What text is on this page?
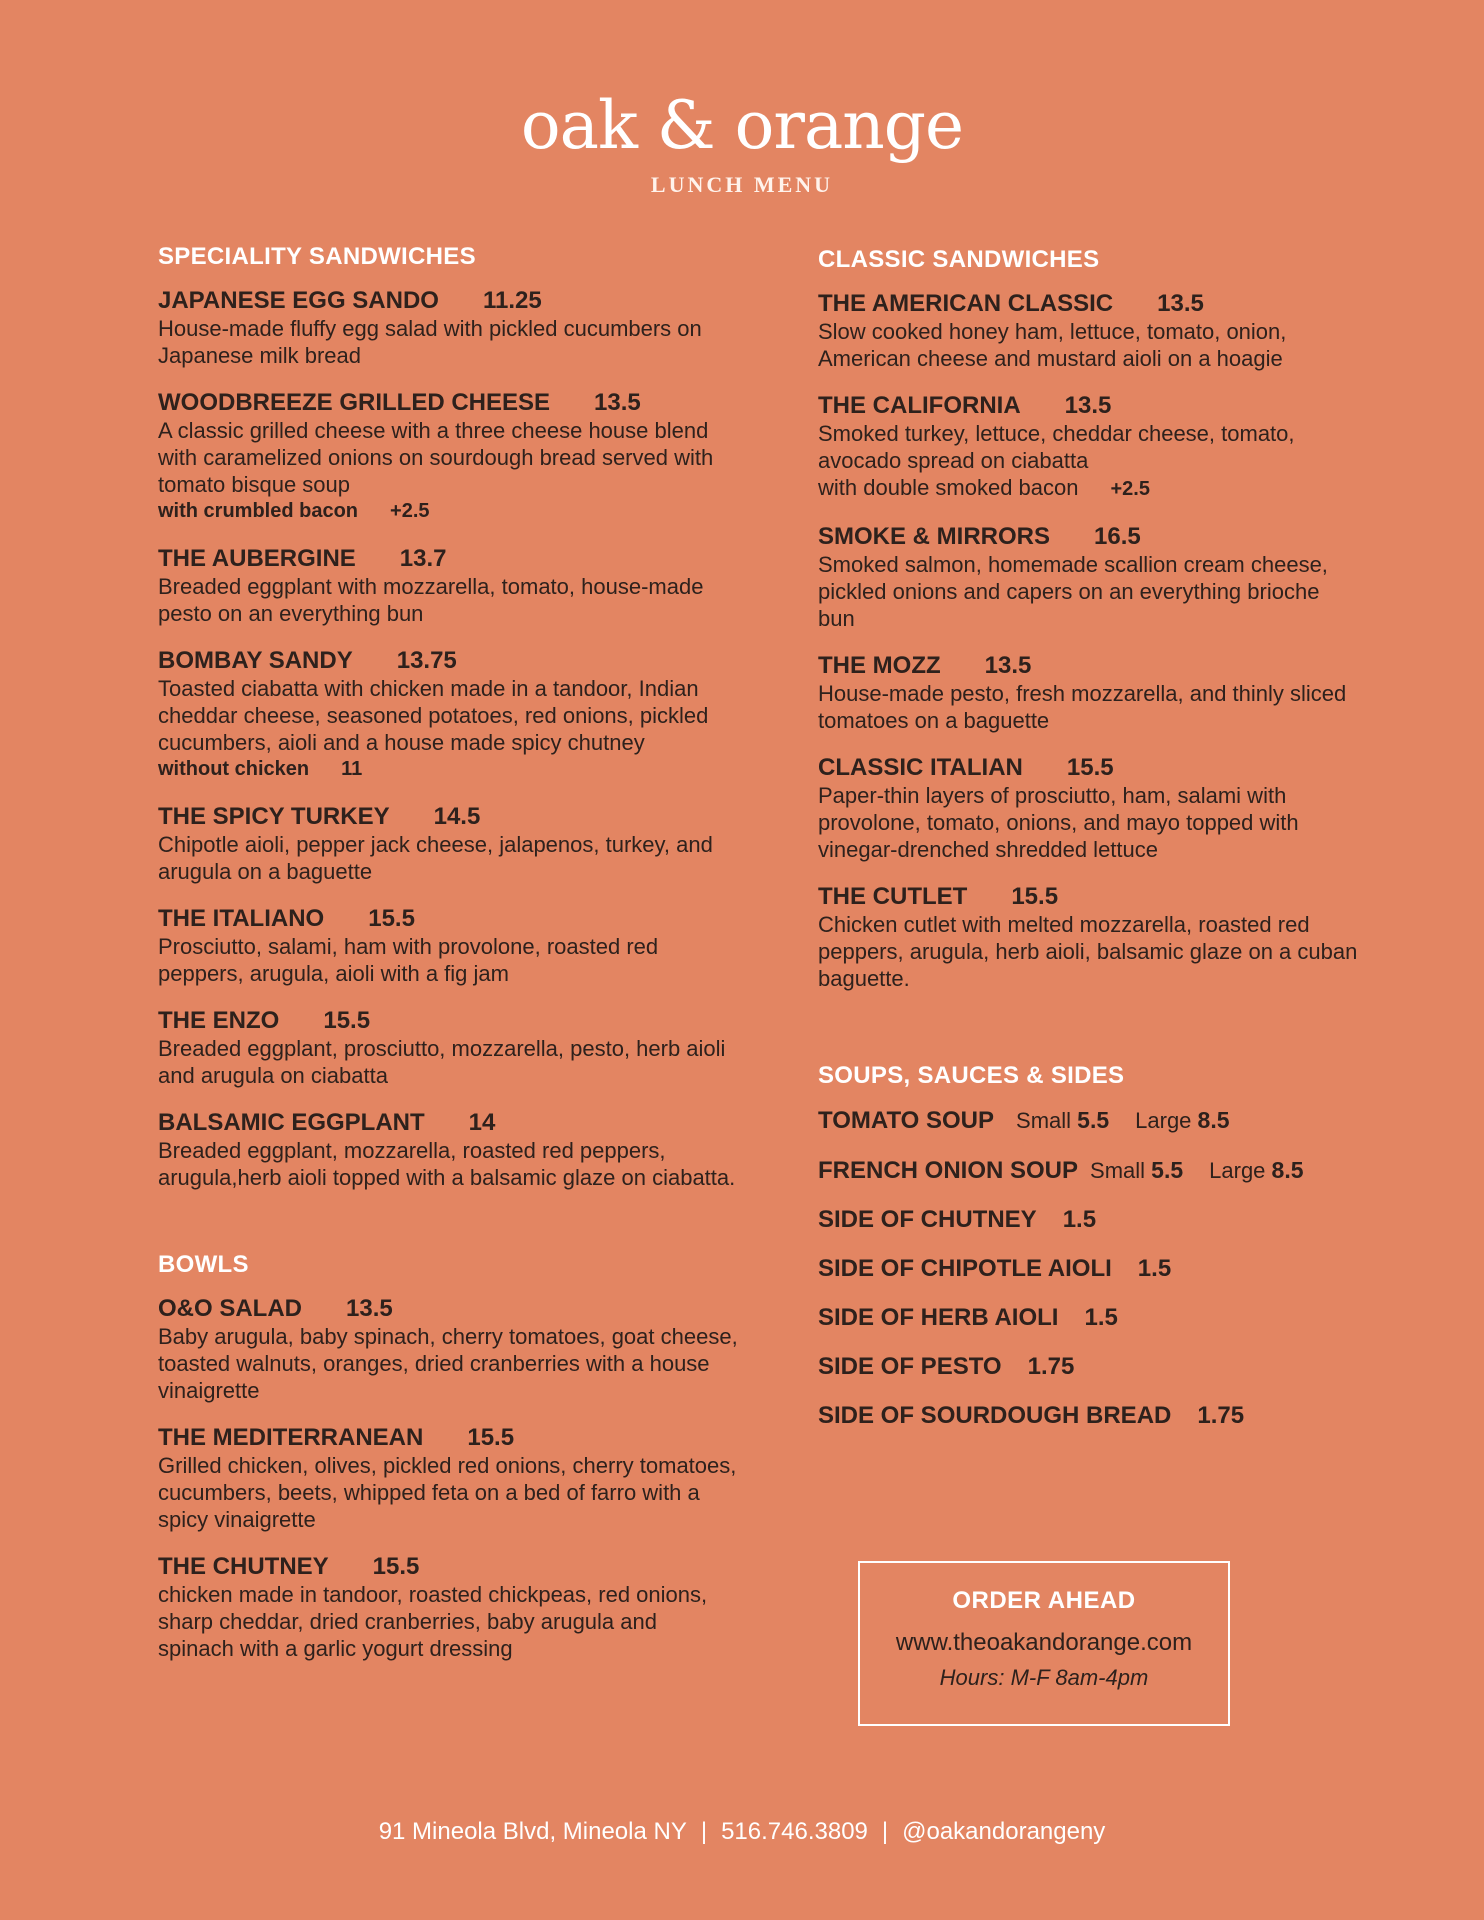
oak & orange
LUNCH MENU
SPECIALITY SANDWICHES
JAPANESE EGG SANDO 11.25
House-made fluffy egg salad with pickled cucumbers on Japanese milk bread
WOODBREEZE GRILLED CHEESE 13.5
A classic grilled cheese with a three cheese house blend with caramelized onions on sourdough bread served with tomato bisque soup
with crumbled bacon +2.5
THE AUBERGINE 13.7
Breaded eggplant with mozzarella, tomato, house-made pesto on an everything bun
BOMBAY SANDY 13.75
Toasted ciabatta with chicken made in a tandoor, Indian cheddar cheese, seasoned potatoes, red onions, pickled cucumbers, aioli and a house made spicy chutney
without chicken 11
THE SPICY TURKEY 14.5
Chipotle aioli, pepper jack cheese, jalapenos, turkey, and arugula on a baguette
THE ITALIANO 15.5
Prosciutto, salami, ham with provolone, roasted red peppers, arugula, aioli with a fig jam
THE ENZO 15.5
Breaded eggplant, prosciutto, mozzarella, pesto, herb aioli and arugula on ciabatta
BALSAMIC EGGPLANT 14
Breaded eggplant, mozzarella, roasted red peppers, arugula,herb aioli topped with a balsamic glaze on ciabatta.
BOWLS
O&O SALAD 13.5
Baby arugula, baby spinach, cherry tomatoes, goat cheese, toasted walnuts, oranges, dried cranberries with a house vinaigrette
THE MEDITERRANEAN 15.5
Grilled chicken, olives, pickled red onions, cherry tomatoes, cucumbers, beets, whipped feta on a bed of farro with a spicy vinaigrette
THE CHUTNEY 15.5
chicken made in tandoor, roasted chickpeas, red onions, sharp cheddar, dried cranberries, baby arugula and spinach with a garlic yogurt dressing
CLASSIC SANDWICHES
THE AMERICAN CLASSIC 13.5
Slow cooked honey ham, lettuce, tomato, onion, American cheese and mustard aioli on a hoagie
THE CALIFORNIA 13.5
Smoked turkey, lettuce, cheddar cheese, tomato, avocado spread on ciabatta
with double smoked bacon +2.5
SMOKE & MIRRORS 16.5
Smoked salmon, homemade scallion cream cheese, pickled onions and capers on an everything brioche bun
THE MOZZ 13.5
House-made pesto, fresh mozzarella, and thinly sliced tomatoes on a baguette
CLASSIC ITALIAN 15.5
Paper-thin layers of prosciutto, ham, salami with provolone, tomato, onions, and mayo topped with vinegar-drenched shredded lettuce
THE CUTLET 15.5
Chicken cutlet with melted mozzarella, roasted red peppers, arugula, herb aioli, balsamic glaze on a cuban baguette.
SOUPS, SAUCES & SIDES
TOMATO SOUP Small 5.5 Large 8.5
FRENCH ONION SOUP Small 5.5 Large 8.5
SIDE OF CHUTNEY 1.5
SIDE OF CHIPOTLE AIOLI 1.5
SIDE OF HERB AIOLI 1.5
SIDE OF PESTO 1.75
SIDE OF SOURDOUGH BREAD 1.75
ORDER AHEAD
www.theoakandorange.com
Hours: M-F 8am-4pm
91 Mineola Blvd, Mineola NY | 516.746.3809 | @oakandorangeny
